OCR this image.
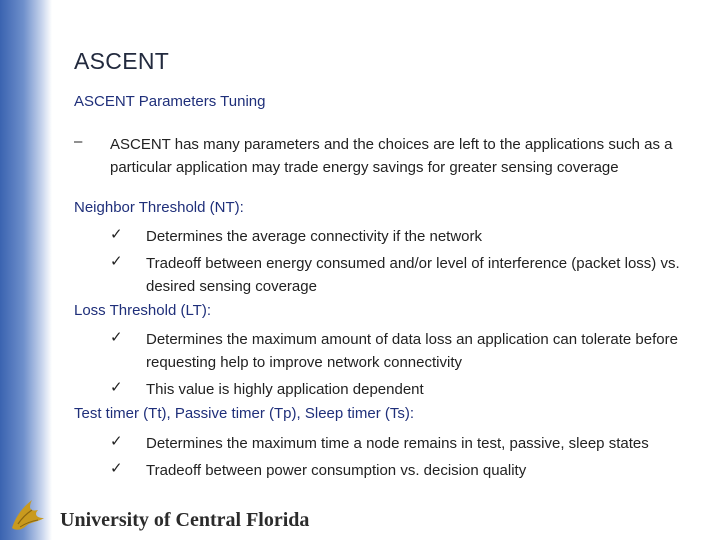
ASCENT
ASCENT Parameters Tuning
– ASCENT has many parameters and the choices are left to the applications such as a particular application may trade energy savings for greater sensing coverage
Neighbor Threshold (NT):
✓ Determines the average connectivity if the network
✓ Tradeoff between energy consumed and/or level of interference (packet loss) vs. desired sensing coverage
Loss Threshold (LT):
✓ Determines the maximum amount of data loss an application can tolerate before requesting help to improve network connectivity
✓ This value is highly application dependent
Test timer (Tt), Passive timer (Tp), Sleep timer (Ts):
✓ Determines the maximum time a node remains in test, passive, sleep states
✓ Tradeoff between power consumption vs. decision quality
University of Central Florida
